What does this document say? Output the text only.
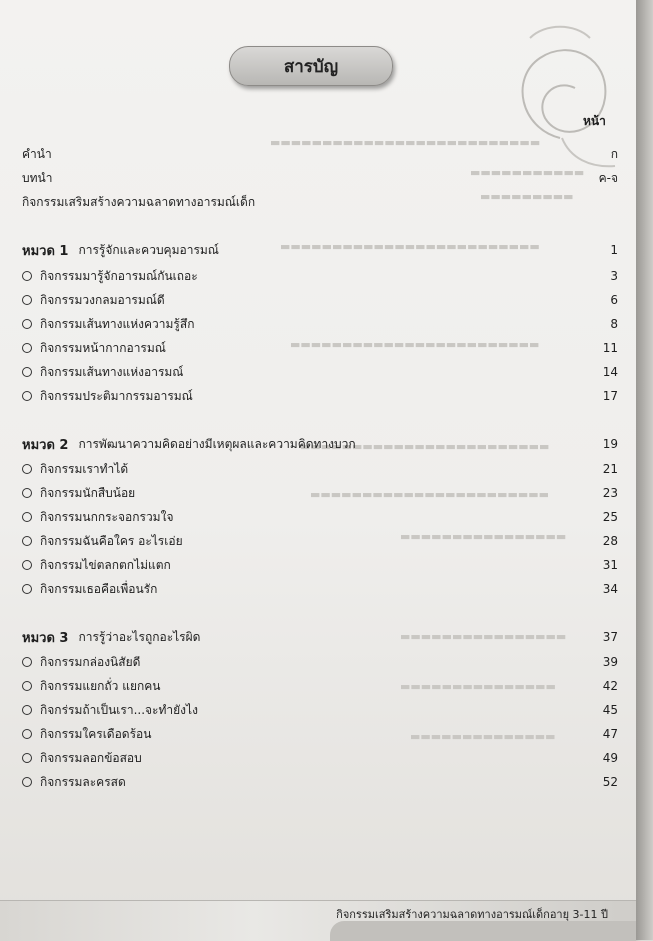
▬▬▬▬▬▬▬▬▬▬▬▬▬▬▬▬▬▬▬▬▬▬▬▬▬▬
▬▬▬▬▬▬▬▬▬▬▬
▬▬▬▬▬▬▬▬▬
▬▬▬▬▬▬▬▬▬▬▬▬▬▬▬▬▬▬▬▬▬▬▬▬▬
▬▬▬▬▬▬▬▬▬▬▬▬▬▬▬▬▬▬▬▬▬▬▬▬
▬▬▬▬▬▬▬▬▬▬▬▬▬▬▬▬▬▬▬▬▬▬▬▬
▬▬▬▬▬▬▬▬▬▬▬▬▬▬▬▬▬▬▬▬▬▬▬
▬▬▬▬▬▬▬▬▬▬▬▬▬▬▬▬
▬▬▬▬▬▬▬▬▬▬▬▬▬▬▬▬
▬▬▬▬▬▬▬▬▬▬▬▬▬▬▬
▬▬▬▬▬▬▬▬▬▬▬▬▬▬
สารบัญ
หน้า
คำนำ	ก
บทนำ	ค-จ
กิจกรรมเสริมสร้างความฉลาดทางอารมณ์เด็ก
หมวด 1 การรู้จักและควบคุมอารมณ์	1
กิจกรรมมารู้จักอารมณ์กันเถอะ	3
กิจกรรมวงกลมอารมณ์ดี	6
กิจกรรมเส้นทางแห่งความรู้สึก	8
กิจกรรมหน้ากากอารมณ์	11
กิจกรรมเส้นทางแห่งอารมณ์	14
กิจกรรมประติมากรรมอารมณ์	17
หมวด 2 การพัฒนาความคิดอย่างมีเหตุผลและความคิดทางบวก	19
กิจกรรมเราทำได้	21
กิจกรรมนักสืบน้อย	23
กิจกรรมนกกระจอกรวมใจ	25
กิจกรรมฉันคือใคร อะไรเอ่ย	28
กิจกรรมไข่ตลกตกไม่แตก	31
กิจกรรมเธอคือเพื่อนรัก	34
หมวด 3 การรู้ว่าอะไรถูกอะไรผิด	37
กิจกรรมกล่องนิสัยดี	39
กิจกรรมแยกถั่ว แยกคน	42
กิจกร่รมถ้าเป็นเรา...จะทำยังไง	45
กิจกรรมใครเดือดร้อน	47
กิจกรรมลอกข้อสอบ	49
กิจกรรมละครสด	52
กิจกรรมเสริมสร้างความฉลาดทางอารมณ์เด็กอายุ 3-11 ปี
